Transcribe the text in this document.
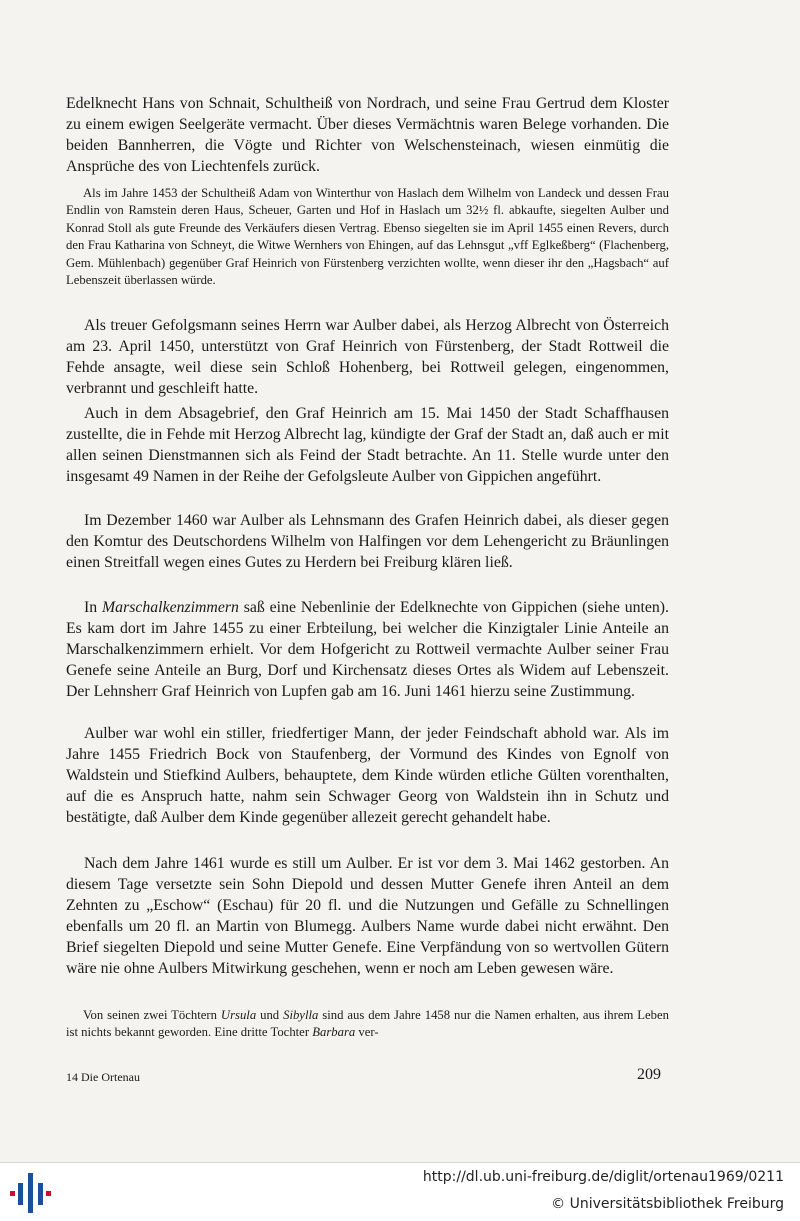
Edelknecht Hans von Schnait, Schultheiß von Nordrach, und seine Frau Gertrud dem Kloster zu einem ewigen Seelgeräte vermacht. Über dieses Vermächtnis waren Belege vorhanden. Die beiden Bannherren, die Vögte und Richter von Welschensteinach, wiesen einmütig die Ansprüche des von Liechtenfels zurück.

Als im Jahre 1453 der Schultheiß Adam von Winterthur von Haslach dem Wilhelm von Landeck und dessen Frau Endlin von Ramstein deren Haus, Scheuer, Garten und Hof in Haslach um 32½ fl. abkaufte, siegelten Aulber und Konrad Stoll als gute Freunde des Verkäufers diesen Vertrag. Ebenso siegelten sie im April 1455 einen Revers, durch den Frau Katharina von Schneyt, die Witwe Wernhers von Ehingen, auf das Lehnsgut „vff Eglkeßberg“ (Flachenberg, Gem. Mühlenbach) gegenüber Graf Heinrich von Fürstenberg verzichten wollte, wenn dieser ihr den „Hagsbach“ auf Lebenszeit überlassen würde.

Als treuer Gefolgsmann seines Herrn war Aulber dabei, als Herzog Albrecht von Österreich am 23. April 1450, unterstützt von Graf Heinrich von Fürstenberg, der Stadt Rottweil die Fehde ansagte, weil diese sein Schloß Hohenberg, bei Rottweil gelegen, eingenommen, verbrannt und geschleift hatte.

Auch in dem Absagebrief, den Graf Heinrich am 15. Mai 1450 der Stadt Schaffhausen zustellte, die in Fehde mit Herzog Albrecht lag, kündigte der Graf der Stadt an, daß auch er mit allen seinen Dienstmannen sich als Feind der Stadt betrachte. An 11. Stelle wurde unter den insgesamt 49 Namen in der Reihe der Gefolgsleute Aulber von Gippichen angeführt.

Im Dezember 1460 war Aulber als Lehnsmann des Grafen Heinrich dabei, als dieser gegen den Komtur des Deutschordens Wilhelm von Halfingen vor dem Lehengericht zu Bräunlingen einen Streitfall wegen eines Gutes zu Herdern bei Freiburg klären ließ.

In Marschalkenzimmern saß eine Nebenlinie der Edelknechte von Gippichen (siehe unten). Es kam dort im Jahre 1455 zu einer Erbteilung, bei welcher die Kinzigtaler Linie Anteile an Marschalkenzimmern erhielt. Vor dem Hofgericht zu Rottweil vermachte Aulber seiner Frau Genefe seine Anteile an Burg, Dorf und Kirchensatz dieses Ortes als Widem auf Lebenszeit. Der Lehnsherr Graf Heinrich von Lupfen gab am 16. Juni 1461 hierzu seine Zustimmung.

Aulber war wohl ein stiller, friedfertiger Mann, der jeder Feindschaft abhold war. Als im Jahre 1455 Friedrich Bock von Staufenberg, der Vormund des Kindes von Egnolf von Waldstein und Stiefkind Aulbers, behauptete, dem Kinde würden etliche Gülten vorenthalten, auf die es Anspruch hatte, nahm sein Schwager Georg von Waldstein ihn in Schutz und bestätigte, daß Aulber dem Kinde gegenüber allezeit gerecht gehandelt habe.

Nach dem Jahre 1461 wurde es still um Aulber. Er ist vor dem 3. Mai 1462 gestorben. An diesem Tage versetzte sein Sohn Diepold und dessen Mutter Genefe ihren Anteil an dem Zehnten zu „Eschow“ (Eschau) für 20 fl. und die Nutzungen und Gefälle zu Schnellingen ebenfalls um 20 fl. an Martin von Blumegg. Aulbers Name wurde dabei nicht erwähnt. Den Brief siegelten Diepold und seine Mutter Genefe. Eine Verpfändung von so wertvollen Gütern wäre nie ohne Aulbers Mitwirkung geschehen, wenn er noch am Leben gewesen wäre.

Von seinen zwei Töchtern Ursula und Sibylla sind aus dem Jahre 1458 nur die Namen erhalten, aus ihrem Leben ist nichts bekannt geworden. Eine dritte Tochter Barbara ver-

14 Die Ortenau	209
http://dl.ub.uni-freiburg.de/diglit/ortenau1969/0211
© Universitätsbibliothek Freiburg
